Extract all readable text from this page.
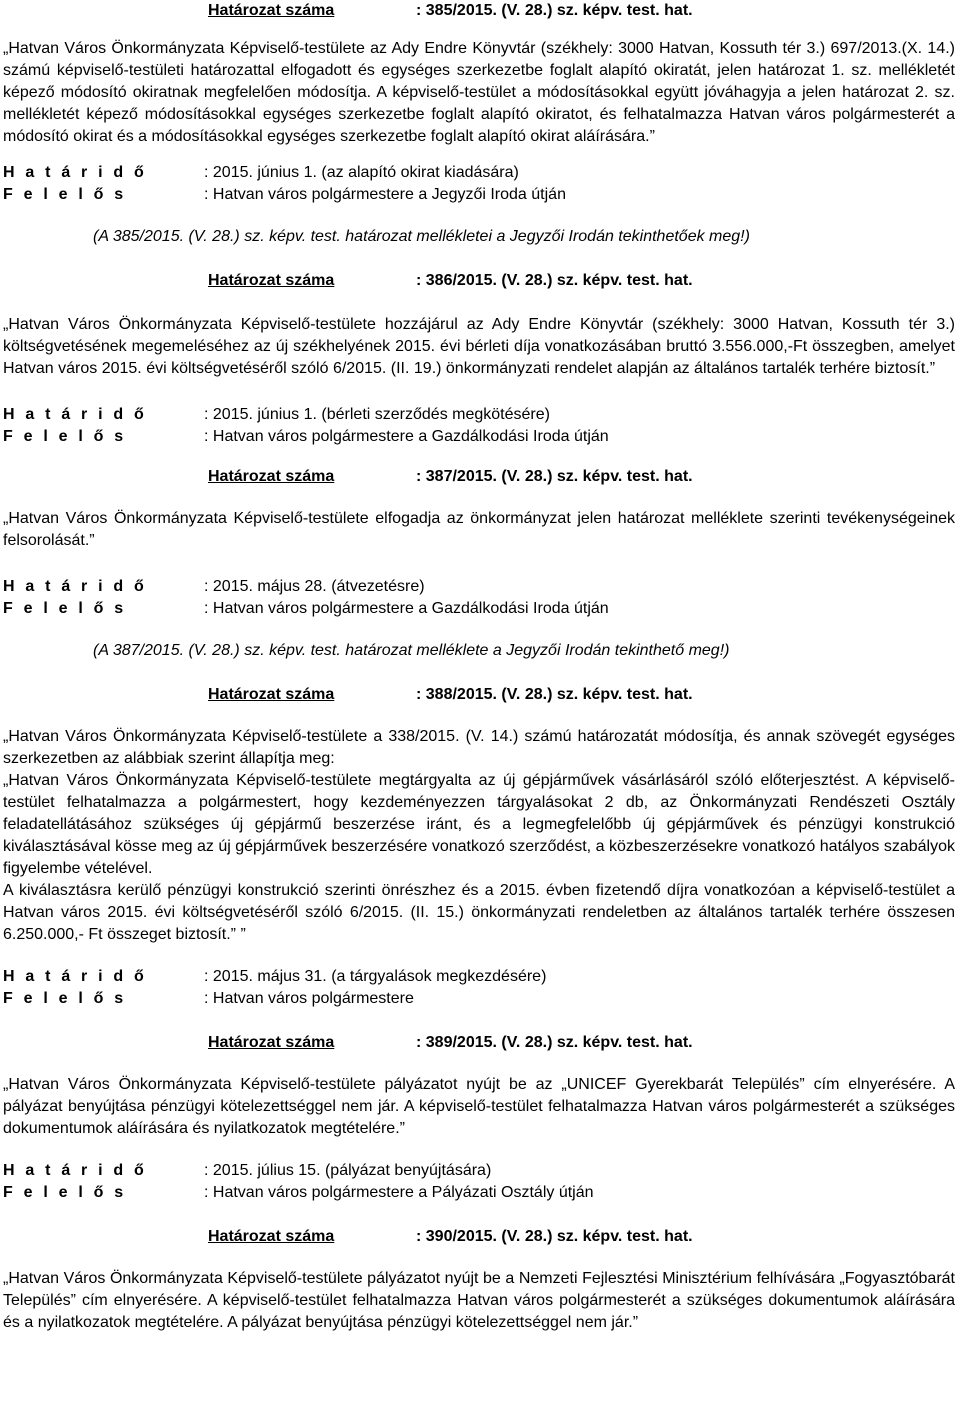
Határozat száma	: 385/2015. (V. 28.) sz. képv. test. hat.

„Hatvan Város Önkormányzata Képviselő-testülete az Ady Endre Könyvtár (székhely: 3000 Hatvan, Kossuth tér 3.) 697/2013.(X. 14.) számú képviselő-testületi határozattal elfogadott és egységes szerkezetbe foglalt alapító okiratát, jelen határozat 1. sz. mellékletét képező módosító okiratnak megfelelően módosítja. A képviselő-testület a módosításokkal együtt jóváhagyja a jelen határozat 2. sz. mellékletét képező módosításokkal egységes szerkezetbe foglalt alapító okiratot, és felhatalmazza Hatvan város polgármesterét a módosító okirat és a módosításokkal egységes szerkezetbe foglalt alapító okirat aláírására.”

H a t á r i d ő	: 2015. június 1. (az alapító okirat kiadására)
F e l e l ő s	: Hatvan város polgármestere a Jegyzői Iroda útján

(A 385/2015. (V. 28.) sz. képv. test. határozat mellékletei a Jegyzői Irodán tekinthetőek meg!)

Határozat száma	: 386/2015. (V. 28.) sz. képv. test. hat.

„Hatvan Város Önkormányzata Képviselő-testülete hozzájárul az Ady Endre Könyvtár (székhely: 3000 Hatvan, Kossuth tér 3.) költségvetésének megemeléséhez az új székhelyének 2015. évi bérleti díja vonatkozásában bruttó 3.556.000,-Ft összegben, amelyet Hatvan város 2015. évi költségvetéséről szóló 6/2015. (II. 19.) önkormányzati rendelet alapján az általános tartalék terhére biztosít.”

H a t á r i d ő	: 2015. június 1. (bérleti szerződés megkötésére)
F e l e l ő s	: Hatvan város polgármestere a Gazdálkodási Iroda útján
Határozat száma	: 387/2015. (V. 28.) sz. képv. test. hat.

„Hatvan Város Önkormányzata Képviselő-testülete elfogadja az önkormányzat jelen határozat melléklete szerinti tevékenységeinek felsorolását.”

H a t á r i d ő	: 2015. május 28. (átvezetésre)
F e l e l ő s	: Hatvan város polgármestere a Gazdálkodási Iroda útján

(A 387/2015. (V. 28.) sz. képv. test. határozat melléklete a Jegyzői Irodán tekinthető meg!)

Határozat száma	: 388/2015. (V. 28.) sz. képv. test. hat.

„Hatvan Város Önkormányzata Képviselő-testülete a 338/2015. (V. 14.) számú határozatát módosítja, és annak szövegét egységes szerkezetben az alábbiak szerint állapítja meg:

„Hatvan Város Önkormányzata Képviselő-testülete megtárgyalta az új gépjárművek vásárlásáról szóló előterjesztést. A képviselő-testület felhatalmazza a polgármestert, hogy kezdeményezzen tárgyalásokat 2 db, az Önkormányzati Rendészeti Osztály feladatellátásához szükséges új gépjármű beszerzése iránt, és a legmegfelelőbb új gépjárművek és pénzügyi konstrukció kiválasztásával kösse meg az új gépjárművek beszerzésére vonatkozó szerződést, a közbeszerzésekre vonatkozó hatályos szabályok figyelembe vételével.

A kiválasztásra kerülő pénzügyi konstrukció szerinti önrészhez és a 2015. évben fizetendő díjra vonatkozóan a képviselő-testület a Hatvan város 2015. évi költségvetéséről szóló 6/2015. (II. 15.) önkormányzati rendeletben az általános tartalék terhére összesen 6.250.000,- Ft összeget biztosít.” ”

H a t á r i d ő	: 2015. május 31. (a tárgyalások megkezdésére)
F e l e l ő s	: Hatvan város polgármestere
Határozat száma	: 389/2015. (V. 28.) sz. képv. test. hat.

„Hatvan Város Önkormányzata Képviselő-testülete pályázatot nyújt be az „UNICEF Gyerekbarát Település” cím elnyerésére. A pályázat benyújtása pénzügyi kötelezettséggel nem jár. A képviselő-testület felhatalmazza Hatvan város polgármesterét a szükséges dokumentumok aláírására és nyilatkozatok megtételére.”

H a t á r i d ő	: 2015. július 15. (pályázat benyújtására)
F e l e l ő s	: Hatvan város polgármestere a Pályázati Osztály útján
Határozat száma	: 390/2015. (V. 28.) sz. képv. test. hat.

„Hatvan Város Önkormányzata Képviselő-testülete pályázatot nyújt be a Nemzeti Fejlesztési Minisztérium felhívására „Fogyasztóbarát Település” cím elnyerésére. A képviselő-testület felhatalmazza Hatvan város polgármesterét a szükséges dokumentumok aláírására és a nyilatkozatok megtételére. A pályázat benyújtása pénzügyi kötelezettséggel nem jár.”
